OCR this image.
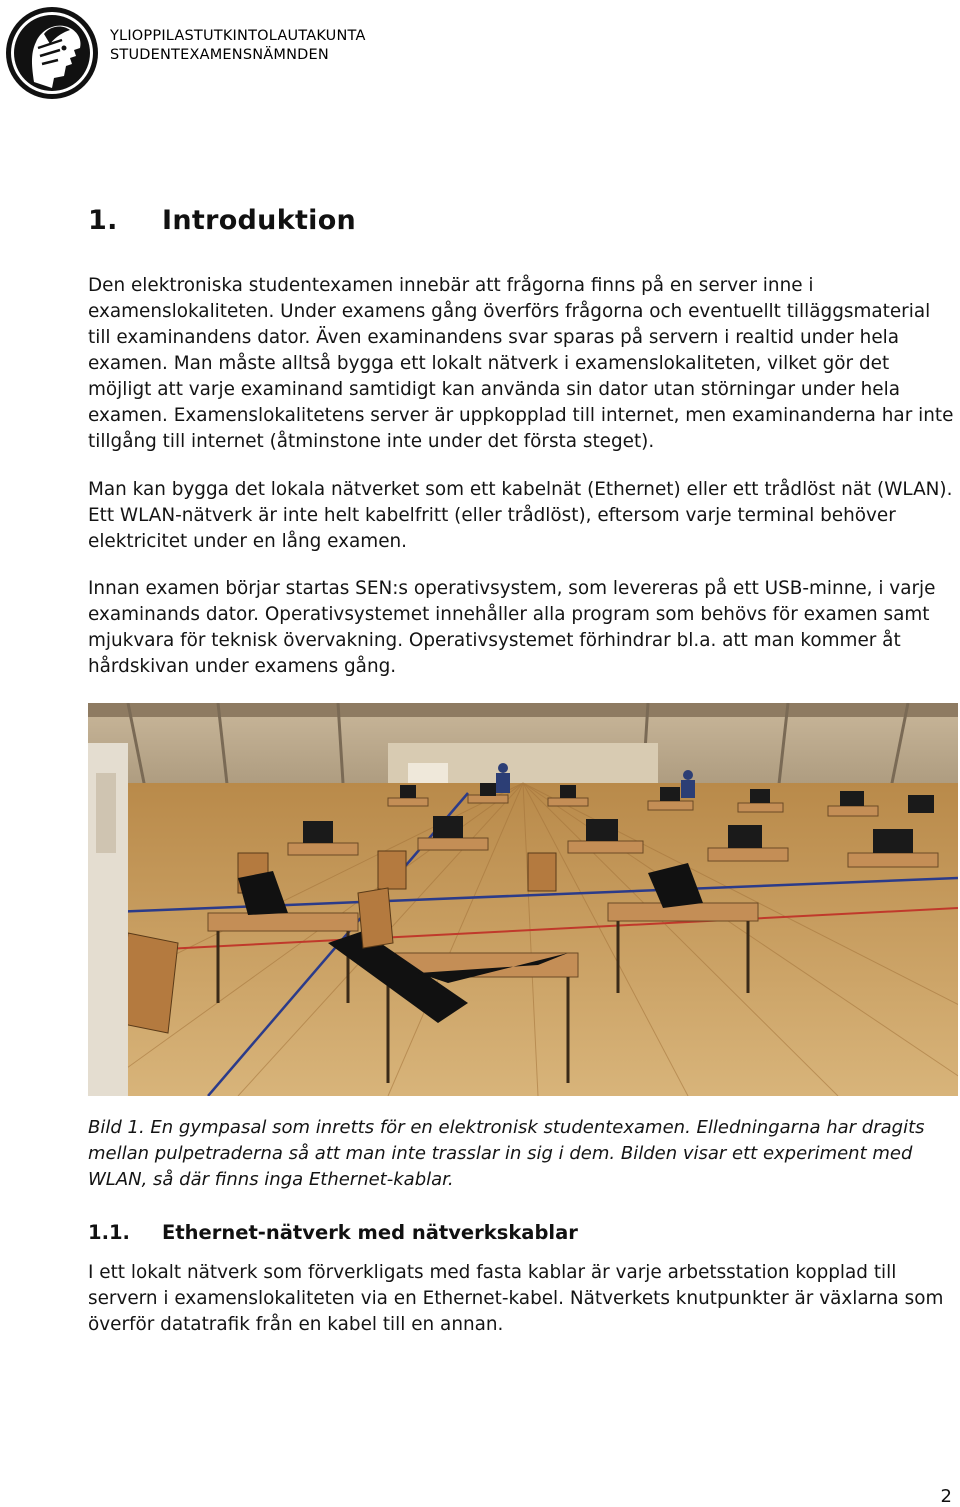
YLIOPPILASTUTKINTOLAUTAKUNTA
STUDENTEXAMENSNÄMNDEN
1. Introduktion

Den elektroniska studentexamen innebär att frågorna finns på en server inne i examenslokaliteten. Under examens gång överförs frågorna och eventuellt tilläggsmaterial till examinandens dator. Även examinandens svar sparas på servern i realtid under hela examen. Man måste alltså bygga ett lokalt nätverk i examenslokaliteten, vilket gör det möjligt att varje examinand samtidigt kan använda sin dator utan störningar under hela examen. Examenslokalitetens server är uppkopplad till internet, men examinanderna har inte tillgång till internet (åtminstone inte under det första steget).

Man kan bygga det lokala nätverket som ett kabelnät (Ethernet) eller ett trådlöst nät (WLAN). Ett WLAN-nätverk är inte helt kabelfritt (eller trådlöst), eftersom varje terminal behöver elektricitet under en lång examen.

Innan examen börjar startas SEN:s operativsystem, som levereras på ett USB-minne, i varje examinands dator. Operativsystemet innehåller alla program som behövs för examen samt mjukvara för teknisk övervakning. Operativsystemet förhindrar bl.a. att man kommer åt hårdskivan under examens gång.

Bild 1. En gympasal som inretts för en elektronisk studentexamen. Elledningarna har dragits mellan pulpetraderna så att man inte trasslar in sig i dem. Bilden visar ett experiment med WLAN, så där finns inga Ethernet-kablar.

1.1. Ethernet-nätverk med nätverkskablar

I ett lokalt nätverk som förverkligats med fasta kablar är varje arbetsstation kopplad till servern i examenslokaliteten via en Ethernet-kabel. Nätverkets knutpunkter är växlarna som överför datatrafik från en kabel till en annan.

2
